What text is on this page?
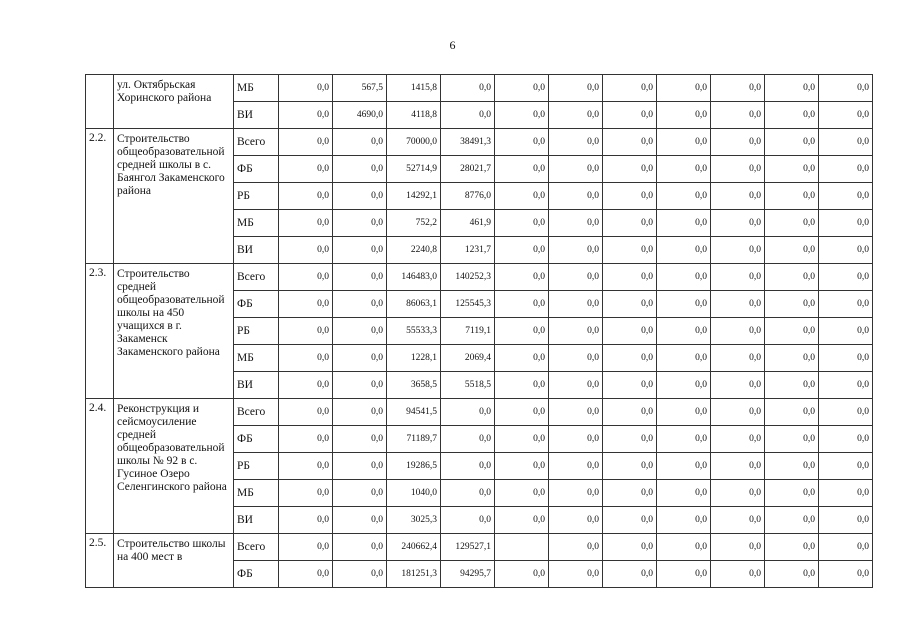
6
	ул. Октябрьская Хоринского района	МБ	0,0	567,5	1415,8	0,0	0,0	0,0	0,0	0,0	0,0	0,0	0,0
		ВИ	0,0	4690,0	4118,8	0,0	0,0	0,0	0,0	0,0	0,0	0,0	0,0
2.2.	Строительство общеобразовательной средней школы в с. Баянгол Закаменского района	Всего	0,0	0,0	70000,0	38491,3	0,0	0,0	0,0	0,0	0,0	0,0	0,0
		ФБ	0,0	0,0	52714,9	28021,7	0,0	0,0	0,0	0,0	0,0	0,0	0,0
		РБ	0,0	0,0	14292,1	8776,0	0,0	0,0	0,0	0,0	0,0	0,0	0,0
		МБ	0,0	0,0	752,2	461,9	0,0	0,0	0,0	0,0	0,0	0,0	0,0
		ВИ	0,0	0,0	2240,8	1231,7	0,0	0,0	0,0	0,0	0,0	0,0	0,0
2.3.	Строительство средней общеобразовательной школы на 450 учащихся в г. Закаменск Закаменского района	Всего	0,0	0,0	146483,0	140252,3	0,0	0,0	0,0	0,0	0,0	0,0	0,0
		ФБ	0,0	0,0	86063,1	125545,3	0,0	0,0	0,0	0,0	0,0	0,0	0,0
		РБ	0,0	0,0	55533,3	7119,1	0,0	0,0	0,0	0,0	0,0	0,0	0,0
		МБ	0,0	0,0	1228,1	2069,4	0,0	0,0	0,0	0,0	0,0	0,0	0,0
		ВИ	0,0	0,0	3658,5	5518,5	0,0	0,0	0,0	0,0	0,0	0,0	0,0
2.4.	Реконструкция и сейсмоусиление средней общеобразовательной школы № 92 в с. Гусиное Озеро Селенгинского района	Всего	0,0	0,0	94541,5	0,0	0,0	0,0	0,0	0,0	0,0	0,0	0,0
		ФБ	0,0	0,0	71189,7	0,0	0,0	0,0	0,0	0,0	0,0	0,0	0,0
		РБ	0,0	0,0	19286,5	0,0	0,0	0,0	0,0	0,0	0,0	0,0	0,0
		МБ	0,0	0,0	1040,0	0,0	0,0	0,0	0,0	0,0	0,0	0,0	0,0
		ВИ	0,0	0,0	3025,3	0,0	0,0	0,0	0,0	0,0	0,0	0,0	0,0
2.5.	Строительство школы на 400 мест в	Всего	0,0	0,0	240662,4	129527,1		0,0	0,0	0,0	0,0	0,0	0,0
		ФБ	0,0	0,0	181251,3	94295,7	0,0	0,0	0,0	0,0	0,0	0,0	0,0
